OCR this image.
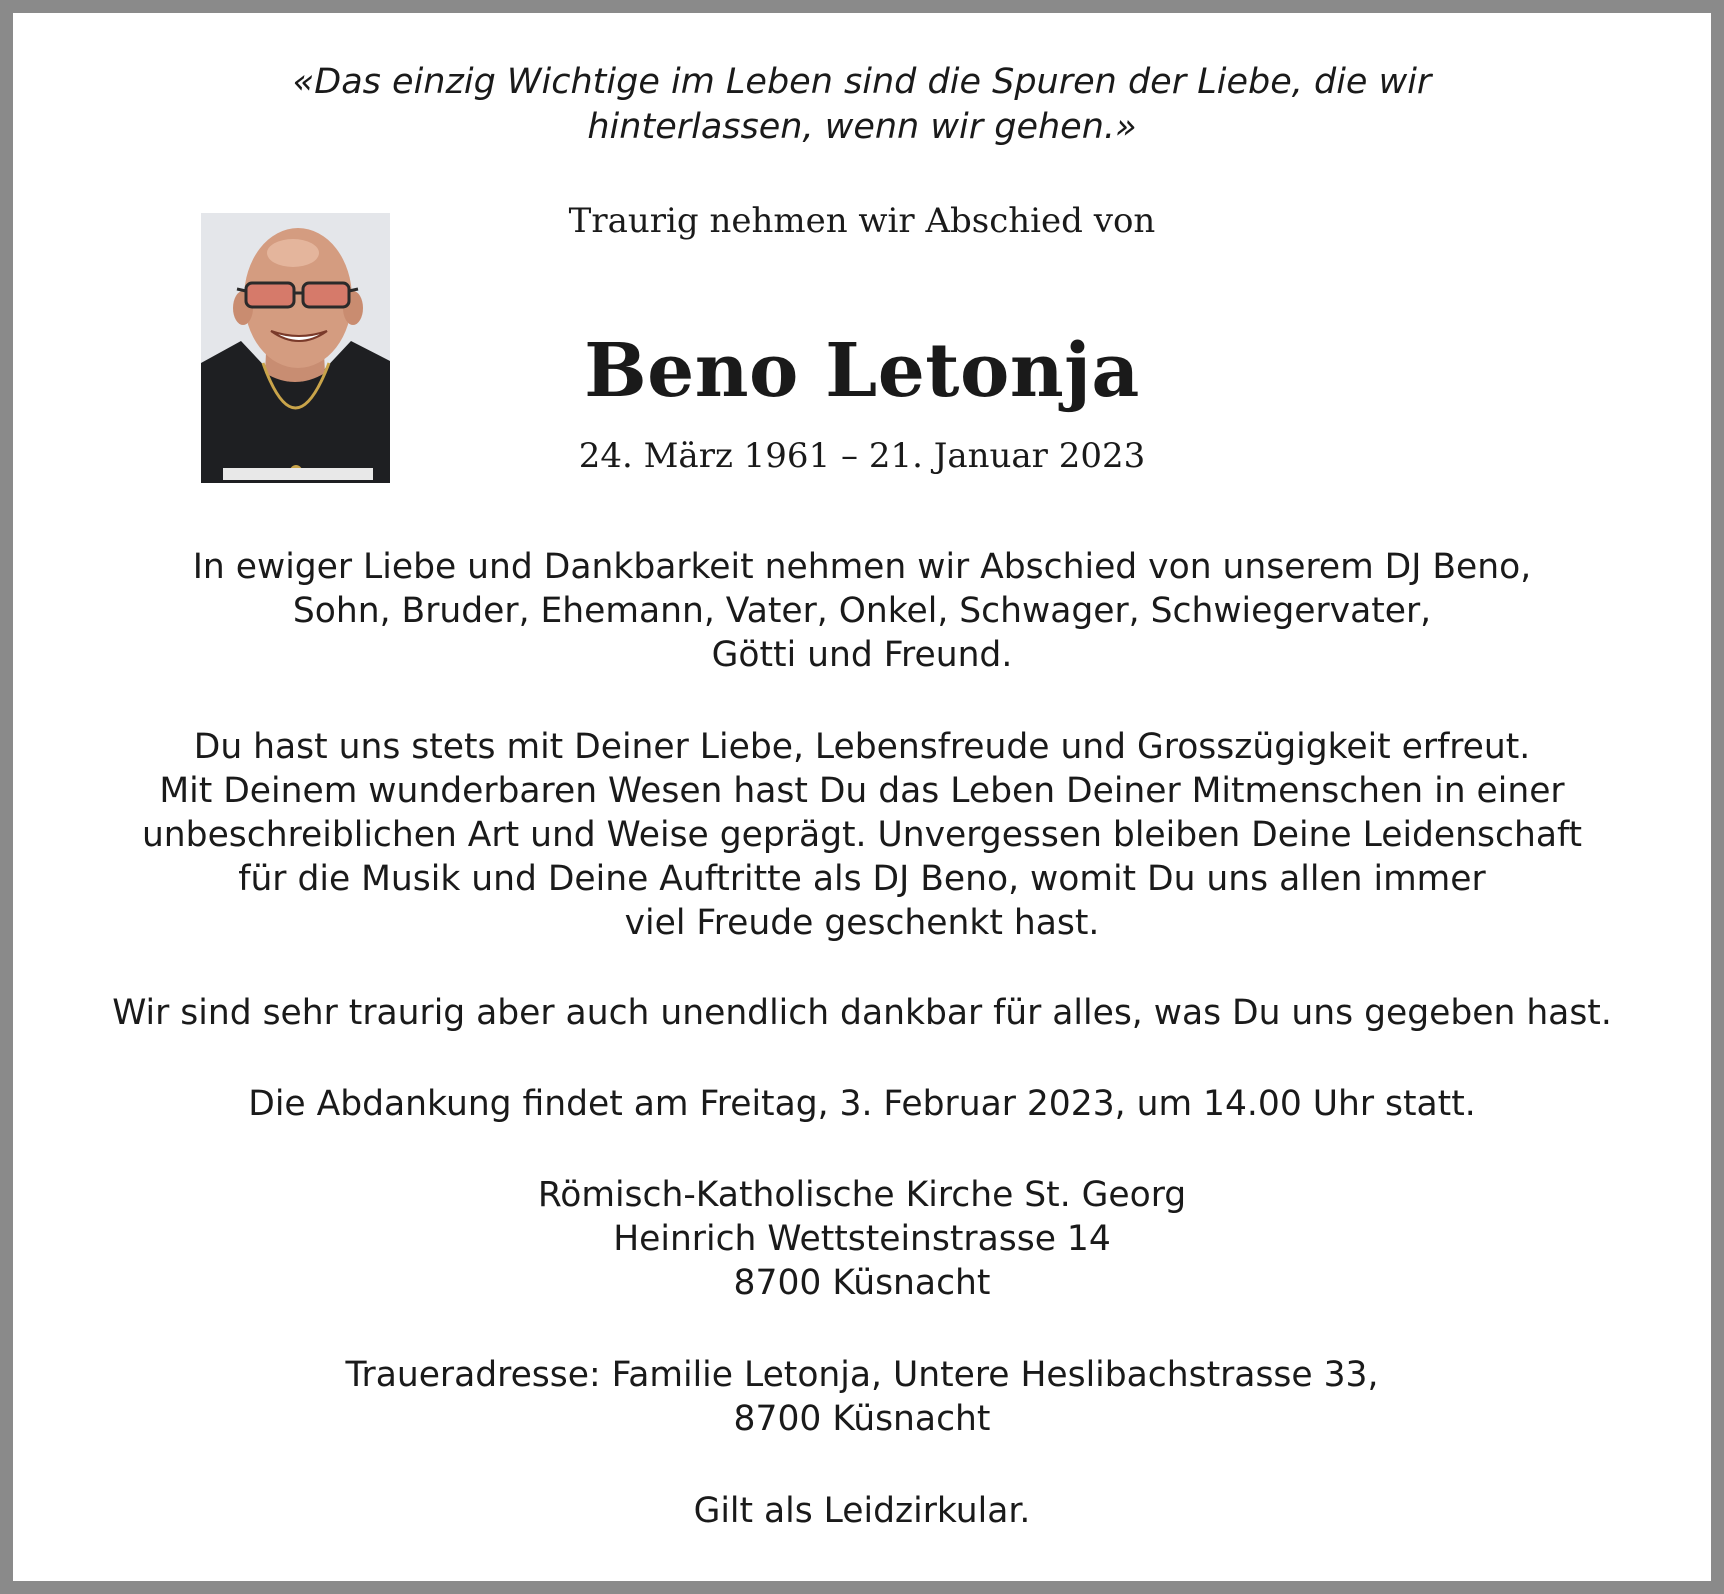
«Das einzig Wichtige im Leben sind die Spuren der Liebe, die wir
hinterlassen, wenn wir gehen.»
Traurig nehmen wir Abschied von
Beno Letonja
24. März 1961 – 21. Januar 2023
In ewiger Liebe und Dankbarkeit nehmen wir Abschied von unserem DJ Beno,
Sohn, Bruder, Ehemann, Vater, Onkel, Schwager, Schwiegervater,
Götti und Freund.
Du hast uns stets mit Deiner Liebe, Lebensfreude und Grosszügigkeit erfreut.
Mit Deinem wunderbaren Wesen hast Du das Leben Deiner Mitmenschen in einer
unbeschreiblichen Art und Weise geprägt. Unvergessen bleiben Deine Leidenschaft
für die Musik und Deine Auftritte als DJ Beno, womit Du uns allen immer
viel Freude geschenkt hast.
Wir sind sehr traurig aber auch unendlich dankbar für alles, was Du uns gegeben hast.
Die Abdankung findet am Freitag, 3. Februar 2023, um 14.00 Uhr statt.
Römisch-Katholische Kirche St. Georg
Heinrich Wettsteinstrasse 14
8700 Küsnacht
Traueradresse: Familie Letonja, Untere Heslibachstrasse 33,
8700 Küsnacht
Gilt als Leidzirkular.
